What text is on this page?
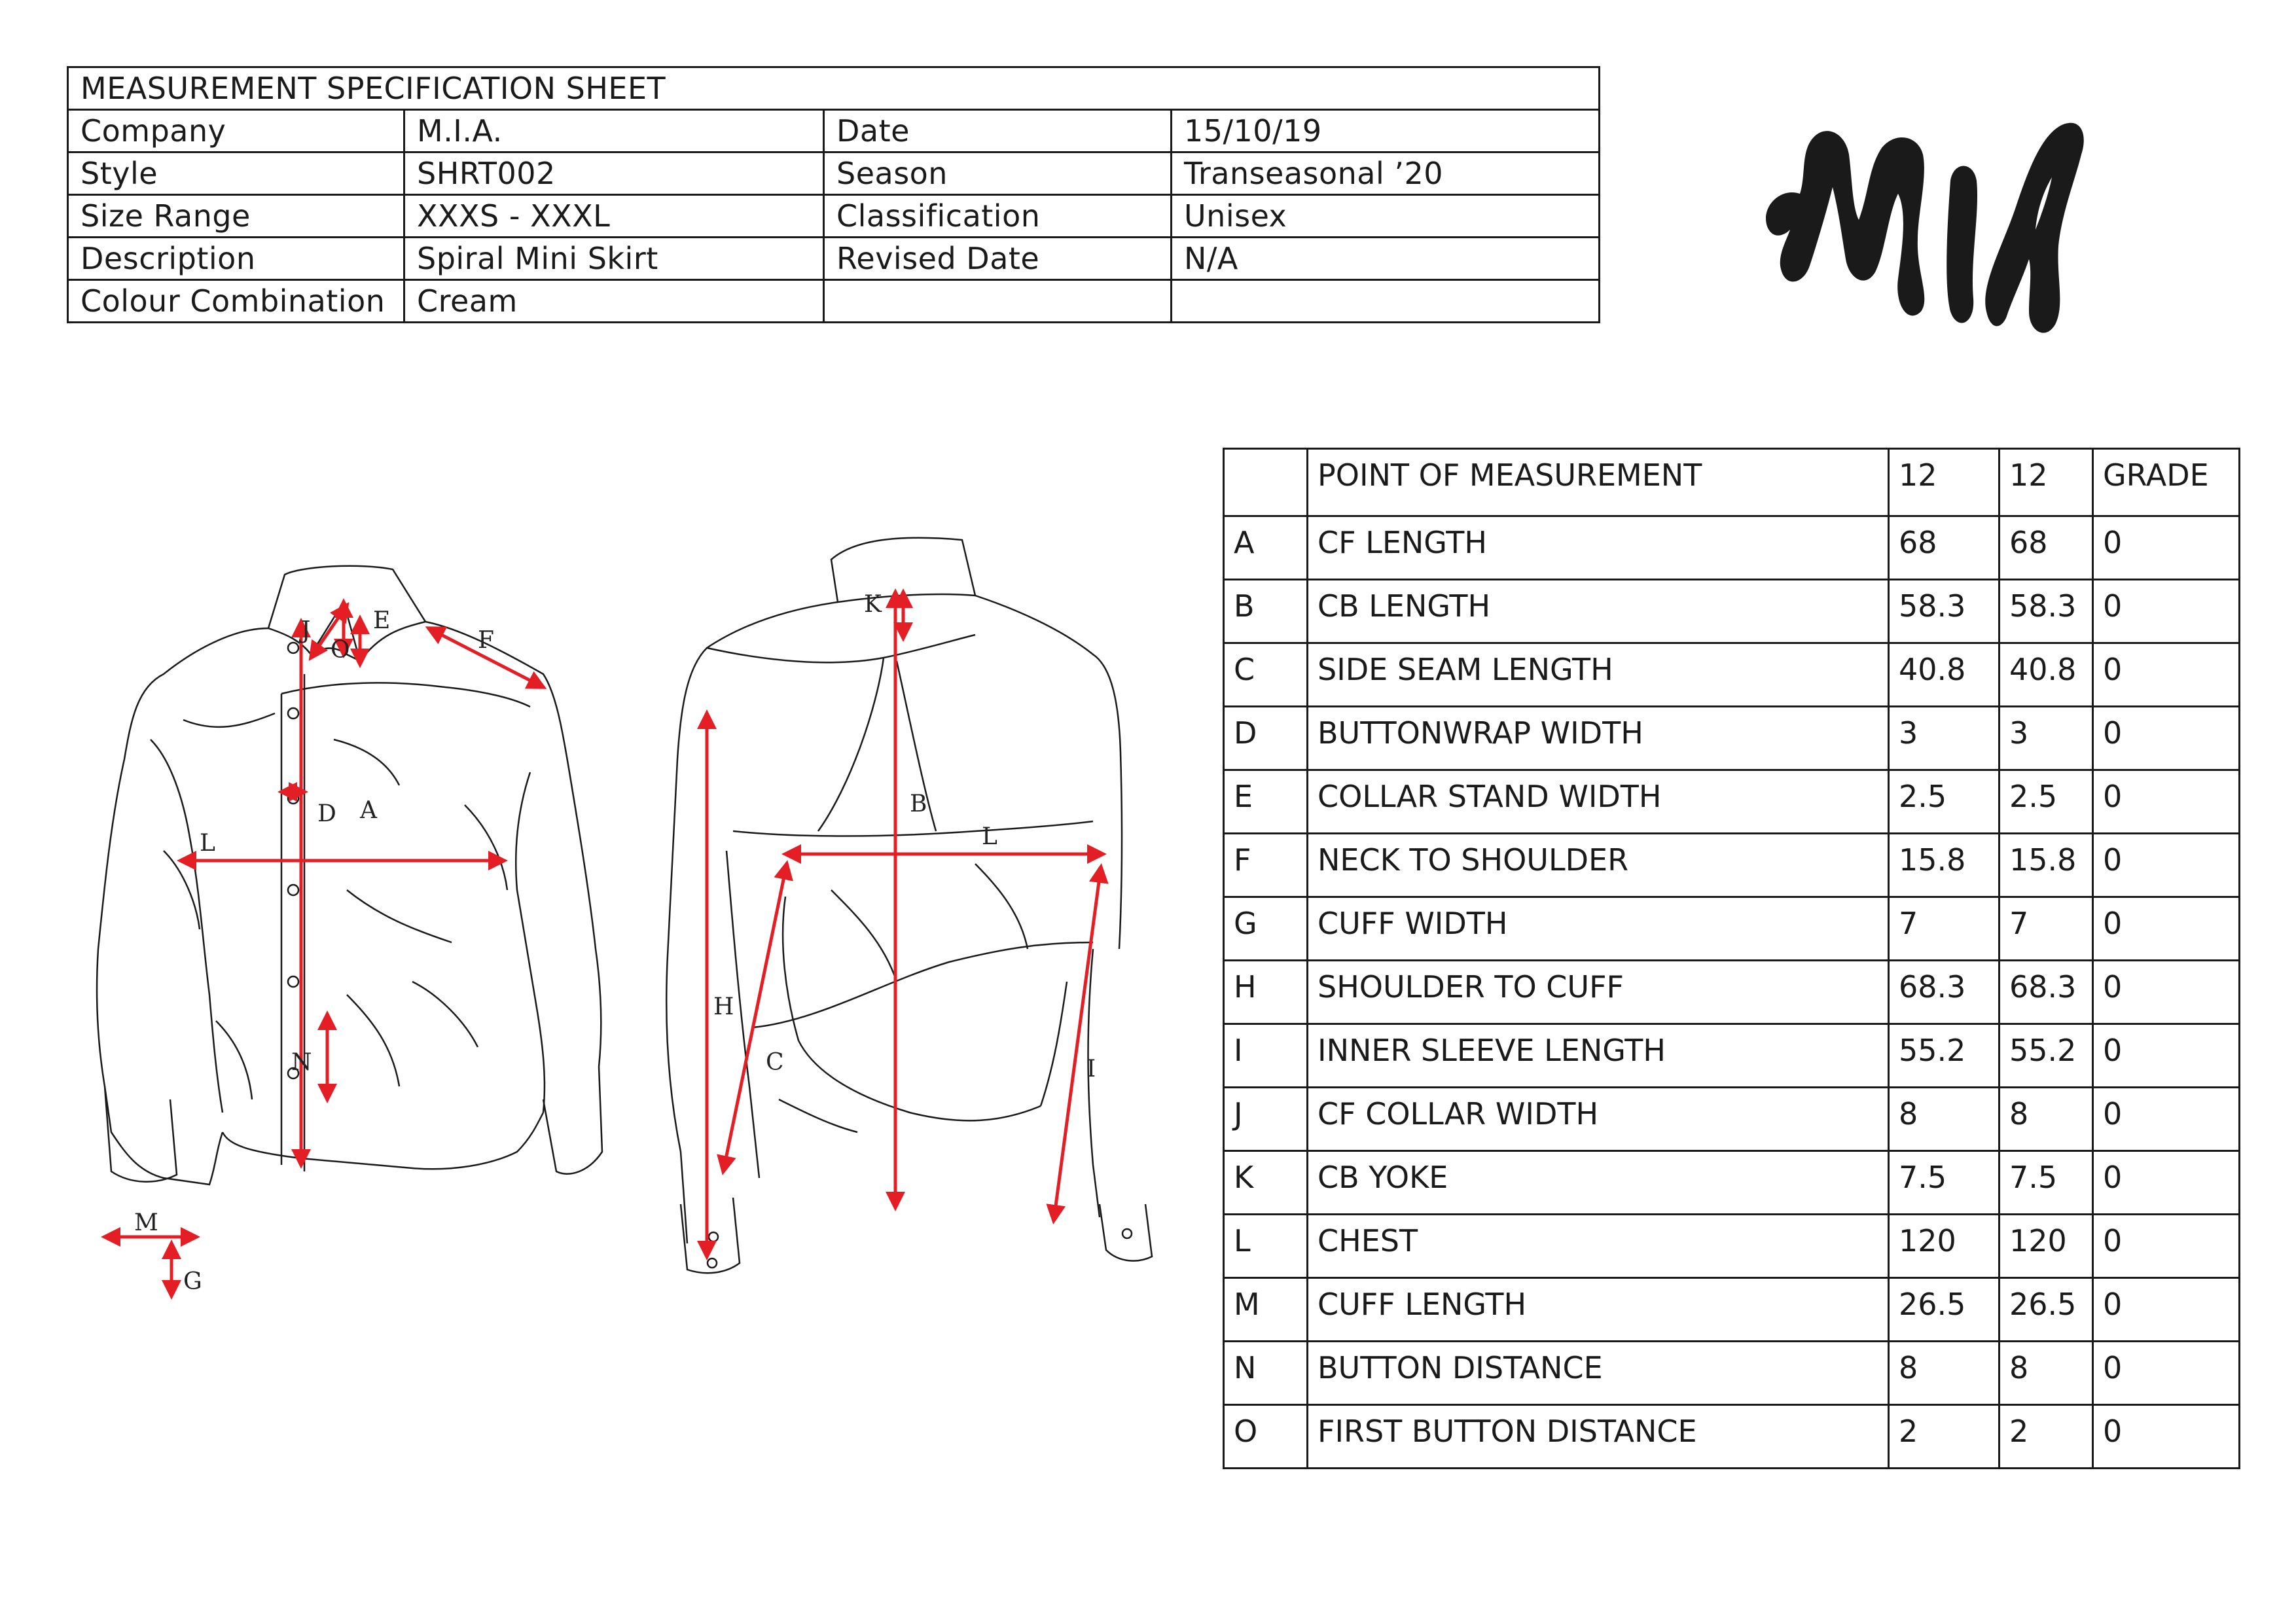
MEASUREMENT SPECIFICATION SHEET			
Company	M.I.A.	Date	15/10/19
Style	SHRT002	Season	Transeasonal ’20
Size Range	XXXS - XXXL	Classification	Unisex
Description	Spiral Mini Skirt	Revised Date	N/A
Colour Combination	Cream		
J
O
E
F
D A
L
N
M
G
K
B
L
H
C	I
	POINT OF MEASUREMENT	12	12	GRADE
A	CF LENGTH	68	68	0
B	CB LENGTH	58.3	58.3	0
C	SIDE SEAM LENGTH	40.8	40.8	0
D	BUTTONWRAP WIDTH	3	3	0
E	COLLAR STAND WIDTH	2.5	2.5	0
F	NECK TO SHOULDER	15.8	15.8	0
G	CUFF WIDTH	7	7	0
H	SHOULDER TO CUFF	68.3	68.3	0
I	INNER SLEEVE LENGTH	55.2	55.2	0
J	CF COLLAR WIDTH	8	8	0
K	CB YOKE	7.5	7.5	0
L	CHEST	120	120	0
M	CUFF LENGTH	26.5	26.5	0
N	BUTTON DISTANCE	8	8	0
O	FIRST BUTTON DISTANCE	2	2	0
